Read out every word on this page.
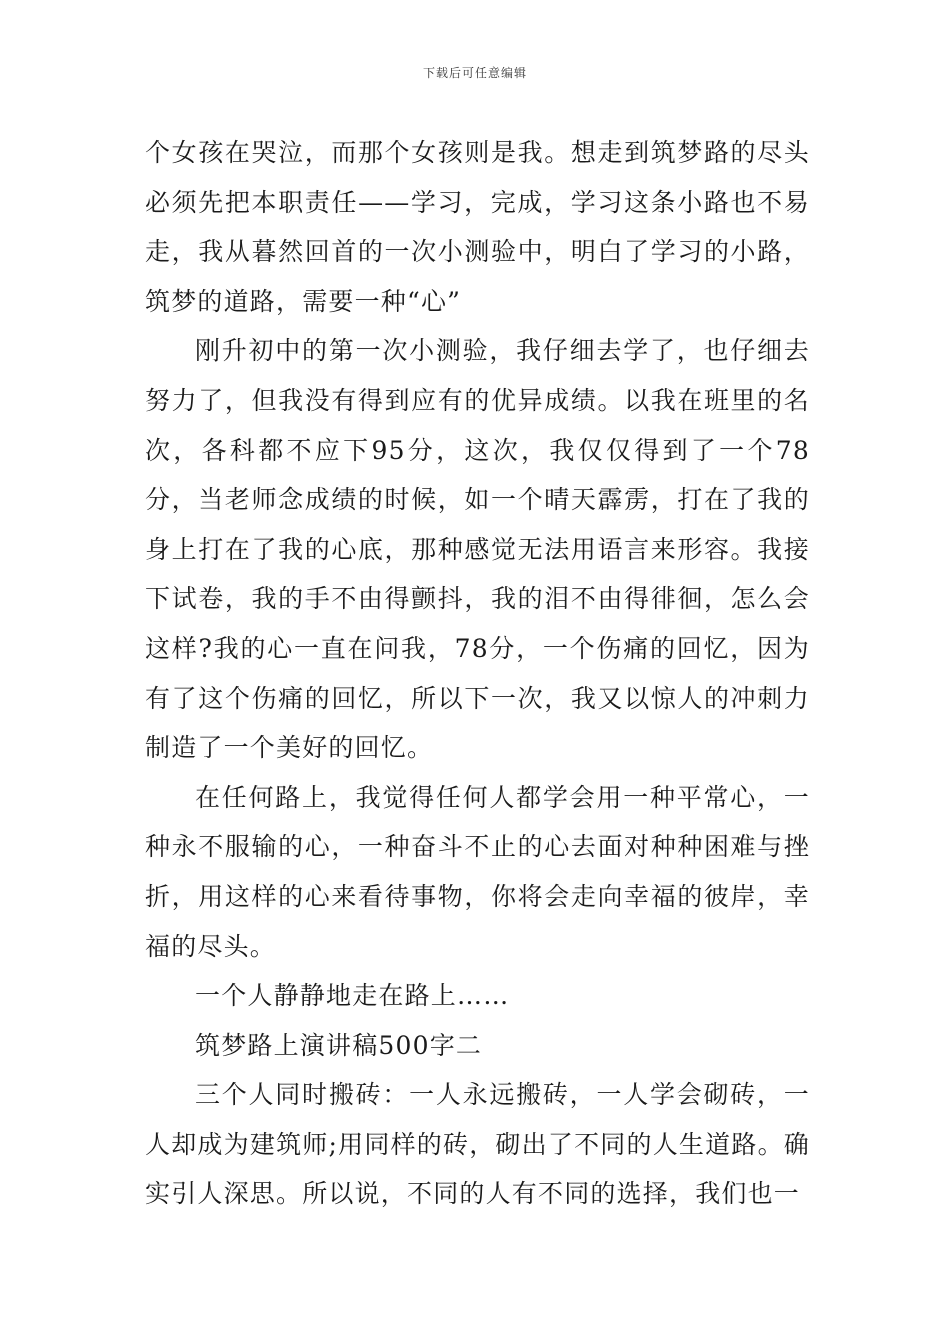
下载后可任意编辑

个女孩在哭泣，而那个女孩则是我。想走到筑梦路的尽头必须先把本职责任——学习，完成，学习这条小路也不易走，我从暮然回首的一次小测验中，明白了学习的小路，筑梦的道路，需要一种“心”

刚升初中的第一次小测验，我仔细去学了，也仔细去努力了，但我没有得到应有的优异成绩。以我在班里的名次，各科都不应下95分，这次，我仅仅得到了一个78分，当老师念成绩的时候，如一个晴天霹雳，打在了我的身上打在了我的心底，那种感觉无法用语言来形容。我接下试卷，我的手不由得颤抖，我的泪不由得徘徊，怎么会这样?我的心一直在问我，78分，一个伤痛的回忆，因为有了这个伤痛的回忆，所以下一次，我又以惊人的冲刺力制造了一个美好的回忆。

在任何路上，我觉得任何人都学会用一种平常心，一种永不服输的心，一种奋斗不止的心去面对种种困难与挫折，用这样的心来看待事物，你将会走向幸福的彼岸，幸福的尽头。

一个人静静地走在路上……

筑梦路上演讲稿500字二

三个人同时搬砖：一人永远搬砖，一人学会砌砖，一人却成为建筑师;用同样的砖，砌出了不同的人生道路。确实引人深思。所以说，不同的人有不同的选择，我们也一
